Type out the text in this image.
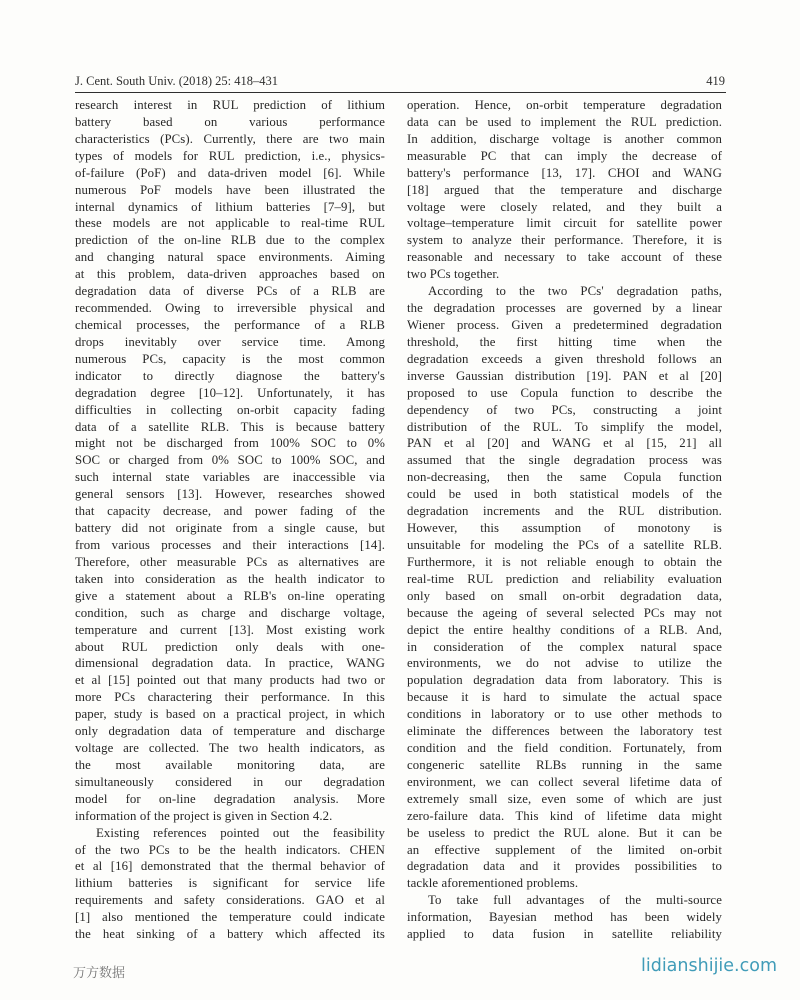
J. Cent. South Univ. (2018) 25: 418–431	419
research interest in RUL prediction of lithium
battery based on various performance
characteristics (PCs). Currently, there are two main
types of models for RUL prediction, i.e., physics-
of-failure (PoF) and data-driven model [6]. While
numerous PoF models have been illustrated the
internal dynamics of lithium batteries [7–9], but
these models are not applicable to real-time RUL
prediction of the on-line RLB due to the complex
and changing natural space environments. Aiming
at this problem, data-driven approaches based on
degradation data of diverse PCs of a RLB are
recommended. Owing to irreversible physical and
chemical processes, the performance of a RLB
drops inevitably over service time. Among
numerous PCs, capacity is the most common
indicator to directly diagnose the battery's
degradation degree [10–12]. Unfortunately, it has
difficulties in collecting on-orbit capacity fading
data of a satellite RLB. This is because battery
might not be discharged from 100% SOC to 0%
SOC or charged from 0% SOC to 100% SOC, and
such internal state variables are inaccessible via
general sensors [13]. However, researches showed
that capacity decrease, and power fading of the
battery did not originate from a single cause, but
from various processes and their interactions [14].
Therefore, other measurable PCs as alternatives are
taken into consideration as the health indicator to
give a statement about a RLB's on-line operating
condition, such as charge and discharge voltage,
temperature and current [13]. Most existing work
about RUL prediction only deals with one-
dimensional degradation data. In practice, WANG
et al [15] pointed out that many products had two or
more PCs charactering their performance. In this
paper, study is based on a practical project, in which
only degradation data of temperature and discharge
voltage are collected. The two health indicators, as
the most available monitoring data, are
simultaneously considered in our degradation
model for on-line degradation analysis. More
information of the project is given in Section 4.2.
Existing references pointed out the feasibility
of the two PCs to be the health indicators. CHEN
et al [16] demonstrated that the thermal behavior of
lithium batteries is significant for service life
requirements and safety considerations. GAO et al
[1] also mentioned the temperature could indicate
the heat sinking of a battery which affected its
operation. Hence, on-orbit temperature degradation
data can be used to implement the RUL prediction.
In addition, discharge voltage is another common
measurable PC that can imply the decrease of
battery's performance [13, 17]. CHOI and WANG
[18] argued that the temperature and discharge
voltage were closely related, and they built a
voltage–temperature limit circuit for satellite power
system to analyze their performance. Therefore, it is
reasonable and necessary to take account of these
two PCs together.
According to the two PCs' degradation paths,
the degradation processes are governed by a linear
Wiener process. Given a predetermined degradation
threshold, the first hitting time when the
degradation exceeds a given threshold follows an
inverse Gaussian distribution [19]. PAN et al [20]
proposed to use Copula function to describe the
dependency of two PCs, constructing a joint
distribution of the RUL. To simplify the model,
PAN et al [20] and WANG et al [15, 21] all
assumed that the single degradation process was
non-decreasing, then the same Copula function
could be used in both statistical models of the
degradation increments and the RUL distribution.
However, this assumption of monotony is
unsuitable for modeling the PCs of a satellite RLB.
Furthermore, it is not reliable enough to obtain the
real-time RUL prediction and reliability evaluation
only based on small on-orbit degradation data,
because the ageing of several selected PCs may not
depict the entire healthy conditions of a RLB. And,
in consideration of the complex natural space
environments, we do not advise to utilize the
population degradation data from laboratory. This is
because it is hard to simulate the actual space
conditions in laboratory or to use other methods to
eliminate the differences between the laboratory test
condition and the field condition. Fortunately, from
congeneric satellite RLBs running in the same
environment, we can collect several lifetime data of
extremely small size, even some of which are just
zero-failure data. This kind of lifetime data might
be useless to predict the RUL alone. But it can be
an effective supplement of the limited on-orbit
degradation data and it provides possibilities to
tackle aforementioned problems.
To take full advantages of the multi-source
information, Bayesian method has been widely
applied to data fusion in satellite reliability
万方数据	lidianshijie.com
